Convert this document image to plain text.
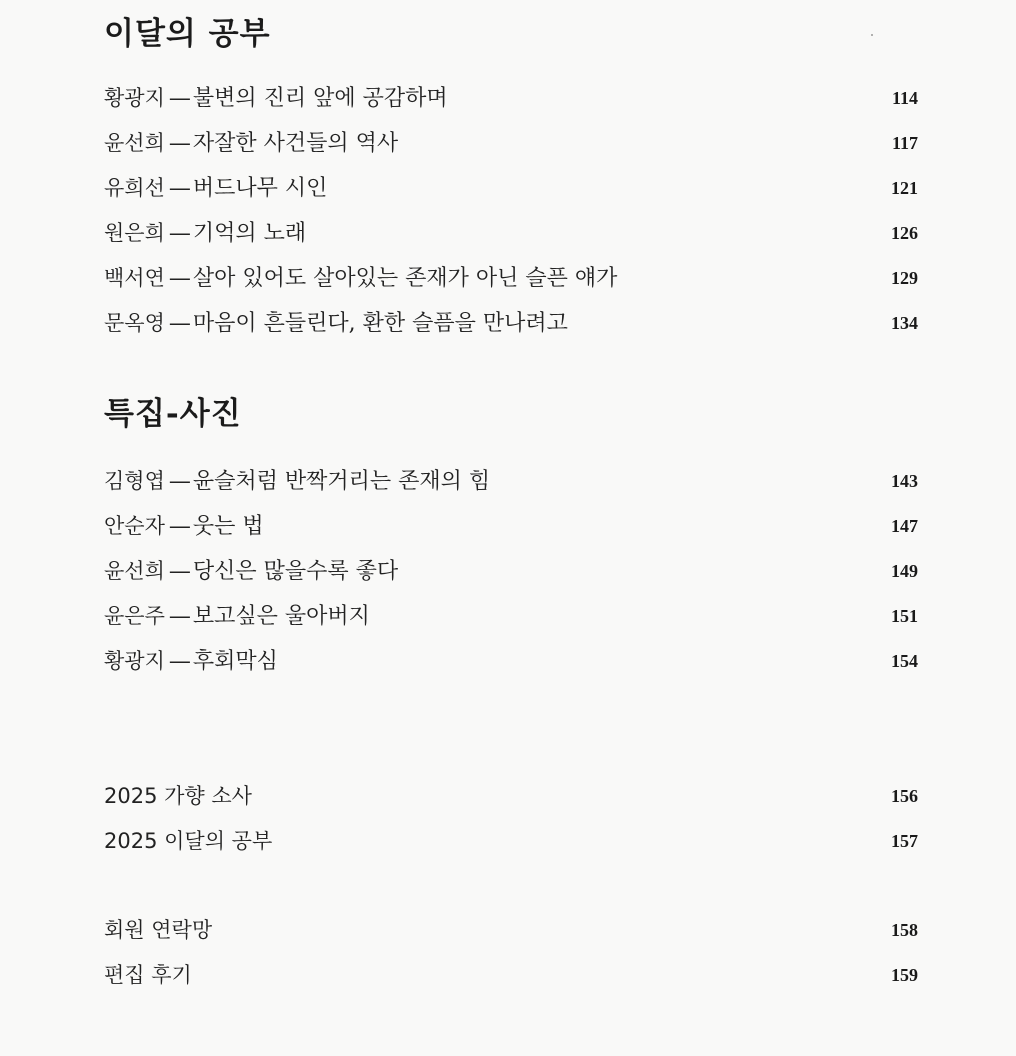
이달의 공부
황광지 — 불변의 진리 앞에 공감하며	114
윤선희 — 자잘한 사건들의 역사	117
유희선 — 버드나무 시인	121
원은희 — 기억의 노래	126
백서연 — 살아 있어도 살아있는 존재가 아닌 슬픈 얘가	129
문옥영 — 마음이 흔들린다, 환한 슬픔을 만나려고	134
특집-사진
김형엽 — 윤슬처럼 반짝거리는 존재의 힘	143
안순자 — 웃는 법	147
윤선희 — 당신은 많을수록 좋다	149
윤은주 — 보고싶은 울아버지	151
황광지 — 후회막심	154
2025 가향 소사	156
2025 이달의 공부	157
회원 연락망	158
편집 후기	159
